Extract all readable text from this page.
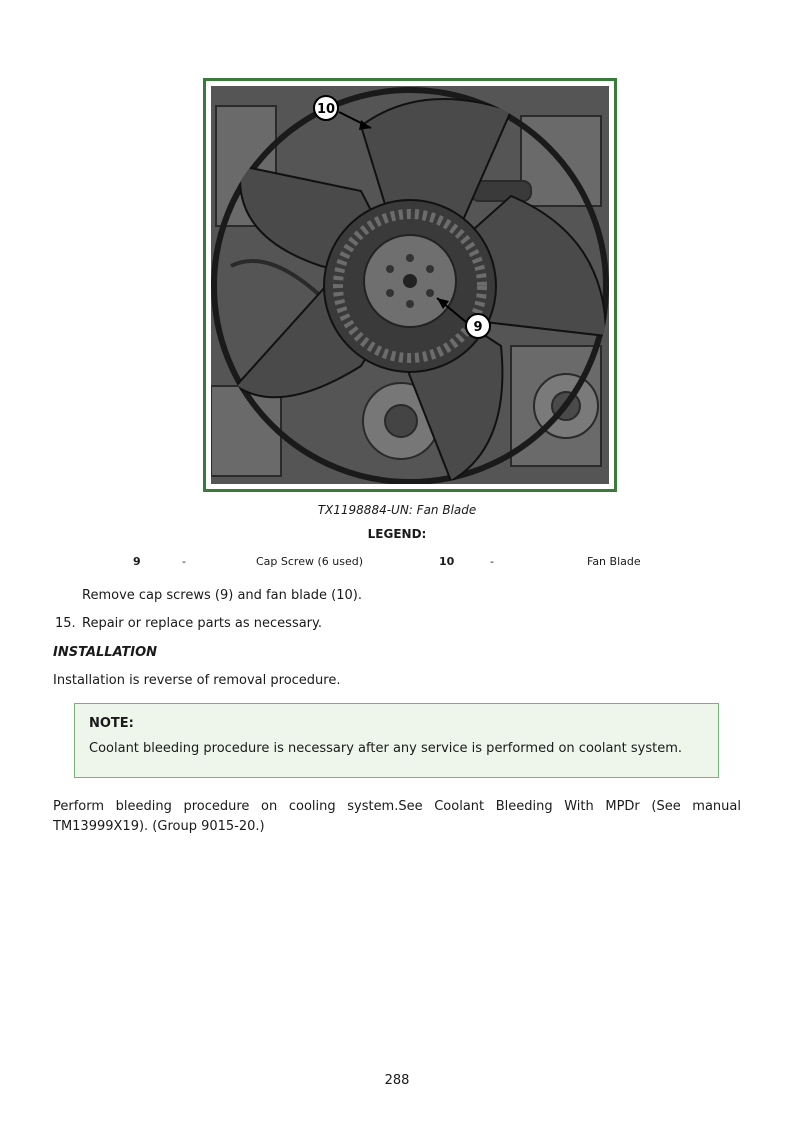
10
9
TX1198884-UN: Fan Blade
LEGEND:
9	-	Cap Screw (6 used)	10	-	Fan Blade
Remove cap screws (9) and fan blade (10).
15. Repair or replace parts as necessary.
INSTALLATION
Installation is reverse of removal procedure.
NOTE:
Coolant bleeding procedure is necessary after any service is performed on coolant system.
Perform bleeding procedure on cooling system.See Coolant Bleeding With MPDr (See manual TM13999X19). (Group 9015-20.)
288
